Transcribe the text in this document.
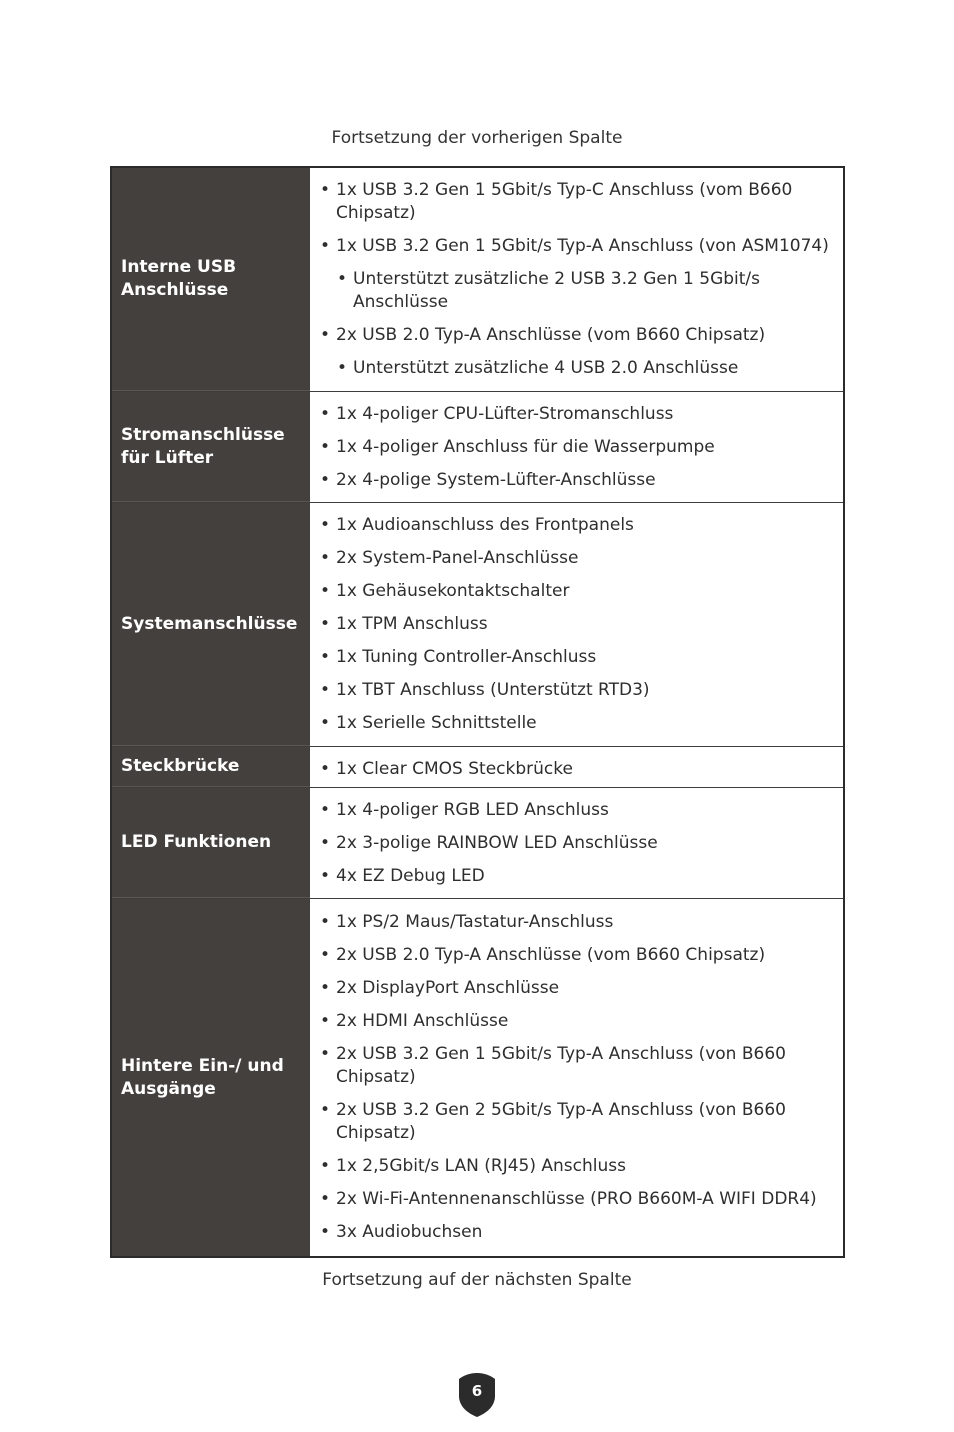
Fortsetzung der vorherigen Spalte
Interne USB Anschlüsse
• 1x USB 3.2 Gen 1 5Gbit/s Typ-C Anschluss (vom B660 Chipsatz)
• 1x USB 3.2 Gen 1 5Gbit/s Typ-A Anschluss (von ASM1074)
• Unterstützt zusätzliche 2 USB 3.2 Gen 1 5Gbit/s Anschlüsse
• 2x USB 2.0 Typ-A Anschlüsse (vom B660 Chipsatz)
• Unterstützt zusätzliche 4 USB 2.0 Anschlüsse
Stromanschlüsse für Lüfter
• 1x 4-poliger CPU-Lüfter-Stromanschluss
• 1x 4-poliger Anschluss für die Wasserpumpe
• 2x 4-polige System-Lüfter-Anschlüsse
Systemanschlüsse
• 1x Audioanschluss des Frontpanels
• 2x System-Panel-Anschlüsse
• 1x Gehäusekontaktschalter
• 1x TPM Anschluss
• 1x Tuning Controller-Anschluss
• 1x TBT Anschluss (Unterstützt RTD3)
• 1x Serielle Schnittstelle
Steckbrücke
•	1x Clear CMOS Steckbrücke
LED Funktionen
• 1x 4-poliger RGB LED Anschluss
• 2x 3-polige RAINBOW LED Anschlüsse
• 4x EZ Debug LED
Hintere Ein-/ und Ausgänge
• 1x PS/2 Maus/Tastatur-Anschluss
• 2x USB 2.0 Typ-A Anschlüsse (vom B660 Chipsatz)
• 2x DisplayPort Anschlüsse
• 2x HDMI Anschlüsse
• 2x USB 3.2 Gen 1 5Gbit/s Typ-A Anschluss (von B660 Chipsatz)
• 2x USB 3.2 Gen 2 5Gbit/s Typ-A Anschluss (von B660 Chipsatz)
• 1x 2,5Gbit/s LAN (RJ45) Anschluss
• 2x Wi-Fi-Antennenanschlüsse (PRO B660M-A WIFI DDR4)
• 3x Audiobuchsen
Fortsetzung auf der nächsten Spalte
6
